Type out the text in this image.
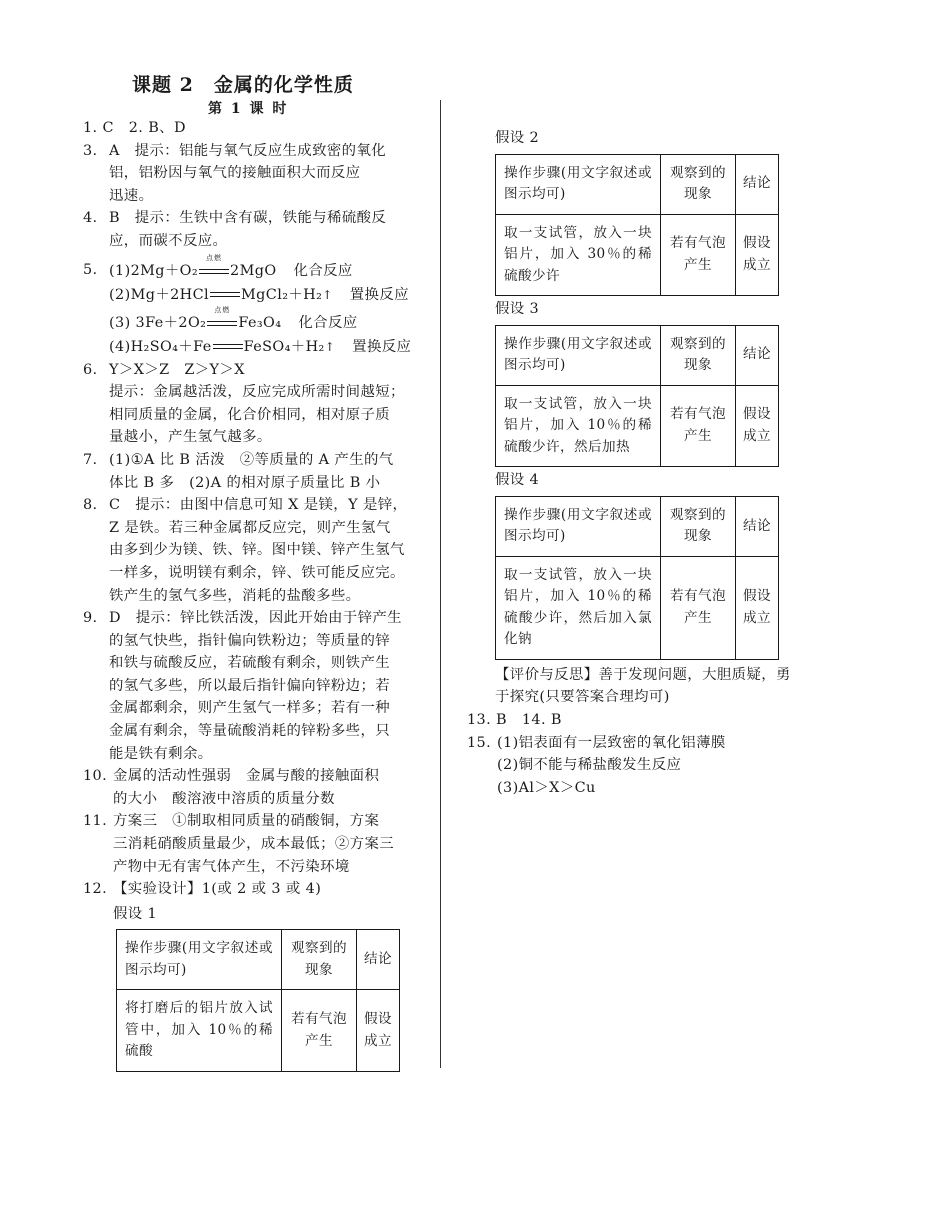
课题 2　金属的化学性质
第 1 课 时
1. C　2. B、D
3. A　提示：铝能与氧气反应生成致密的氧化
铝，铝粉因与氧气的接触面积大而反应
迅速。
4. B　提示：生铁中含有碳，铁能与稀硫酸反
应，而碳不反应。
5. (1)2Mg＋O₂
点燃
2MgO 化合反应
(2)Mg＋2HCl MgCl₂＋H₂↑ 置换反应
(3) 3Fe＋2O₂
点燃
Fe₃O₄ 化合反应
(4)H₂SO₄＋Fe FeSO₄＋H₂↑ 置换反应
6. Y＞X＞Z　Z＞Y＞X
提示：金属越活泼，反应完成所需时间越短；
相同质量的金属，化合价相同，相对原子质
量越小，产生氢气越多。
7. (1)①A 比 B 活泼　②等质量的 A 产生的气
体比 B 多　(2)A 的相对原子质量比 B 小
8. C　提示：由图中信息可知 X 是镁，Y 是锌，
Z 是铁。若三种金属都反应完，则产生氢气
由多到少为镁、铁、锌。图中镁、锌产生氢气
一样多，说明镁有剩余，锌、铁可能反应完。
铁产生的氢气多些，消耗的盐酸多些。
9. D　提示：锌比铁活泼，因此开始由于锌产生
的氢气快些，指针偏向铁粉边；等质量的锌
和铁与硫酸反应，若硫酸有剩余，则铁产生
的氢气多些，所以最后指针偏向锌粉边；若
金属都剩余，则产生氢气一样多；若有一种
金属有剩余，等量硫酸消耗的锌粉多些，只
能是铁有剩余。
10. 金属的活动性强弱　金属与酸的接触面积
的大小　酸溶液中溶质的质量分数
11. 方案三　①制取相同质量的硝酸铜，方案
三消耗硝酸质量最少，成本最低；②方案三
产物中无有害气体产生，不污染环境
12. 【实验设计】1(或 2 或 3 或 4)
假设 1
操作步骤(用文字叙述或图示均可)	观察到的现象	结论
将打磨后的铝片放入试管中，加入 10％的稀硫酸	若有气泡产生	假设成立
假设 2
操作步骤(用文字叙述或图示均可)	观察到的现象	结论
取一支试管，放入一块铝片，加入 30％的稀硫酸少许	若有气泡产生	假设成立
假设 3
操作步骤(用文字叙述或图示均可)	观察到的现象	结论
取一支试管，放入一块铝片，加入 10％的稀硫酸少许，然后加热	若有气泡产生	假设成立
假设 4
操作步骤(用文字叙述或图示均可)	观察到的现象	结论
取一支试管，放入一块铝片，加入 10％的稀硫酸少许，然后加入氯化钠	若有气泡产生	假设成立
【评价与反思】善于发现问题，大胆质疑，勇
于探究(只要答案合理均可)
13. B　14. B
15. (1)铝表面有一层致密的氧化铝薄膜
(2)铜不能与稀盐酸发生反应
(3)Al＞X＞Cu
